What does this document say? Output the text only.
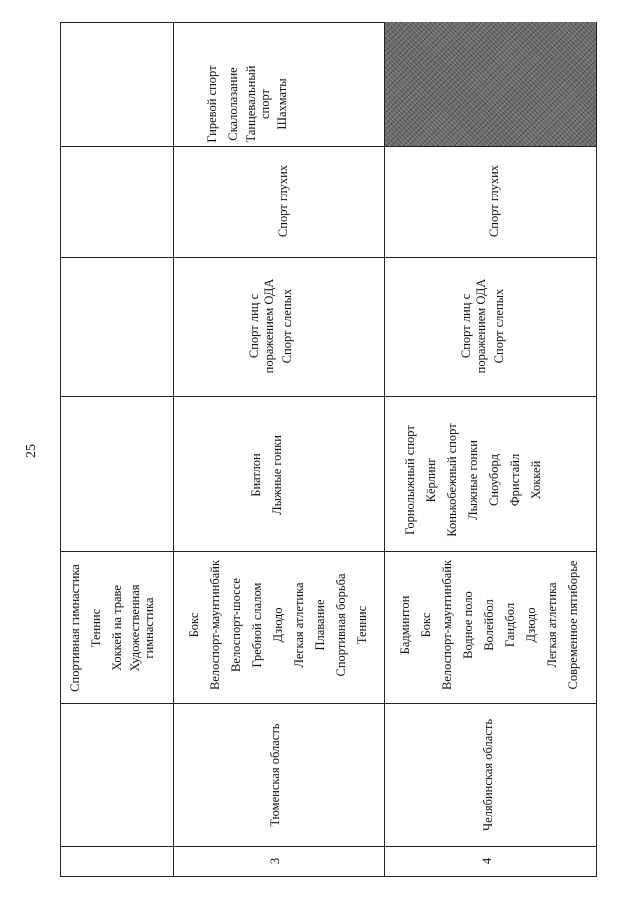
25
Спортивная гимнастика Теннис Хоккей на траве Художественная гимнастика
3
Тюменская область
Бокс Велоспорт-маунтинбайк Велоспорт-шоссе Гребной слалом Дзюдо Легкая атлетика Плавание Спортивная борьба Теннис
Биатлон Лыжные гонки
Спорт лиц с поражением ОДА Спорт слепых
Спорт глухих
Гиревой спорт Скалолазание Танцевальный спорт Шахматы
4
Челябинская область
Бадминтон Бокс Велоспорт-маунтинбайк Водное поло Волейбол Гандбол Дзюдо Легкая атлетика Современное пятиборье
Горнолыжный спорт Кёрлинг Конькобежный спорт Лыжные гонки Сноуборд Фристайл Хоккей
Спорт лиц с поражением ОДА Спорт слепых
Спорт глухих
